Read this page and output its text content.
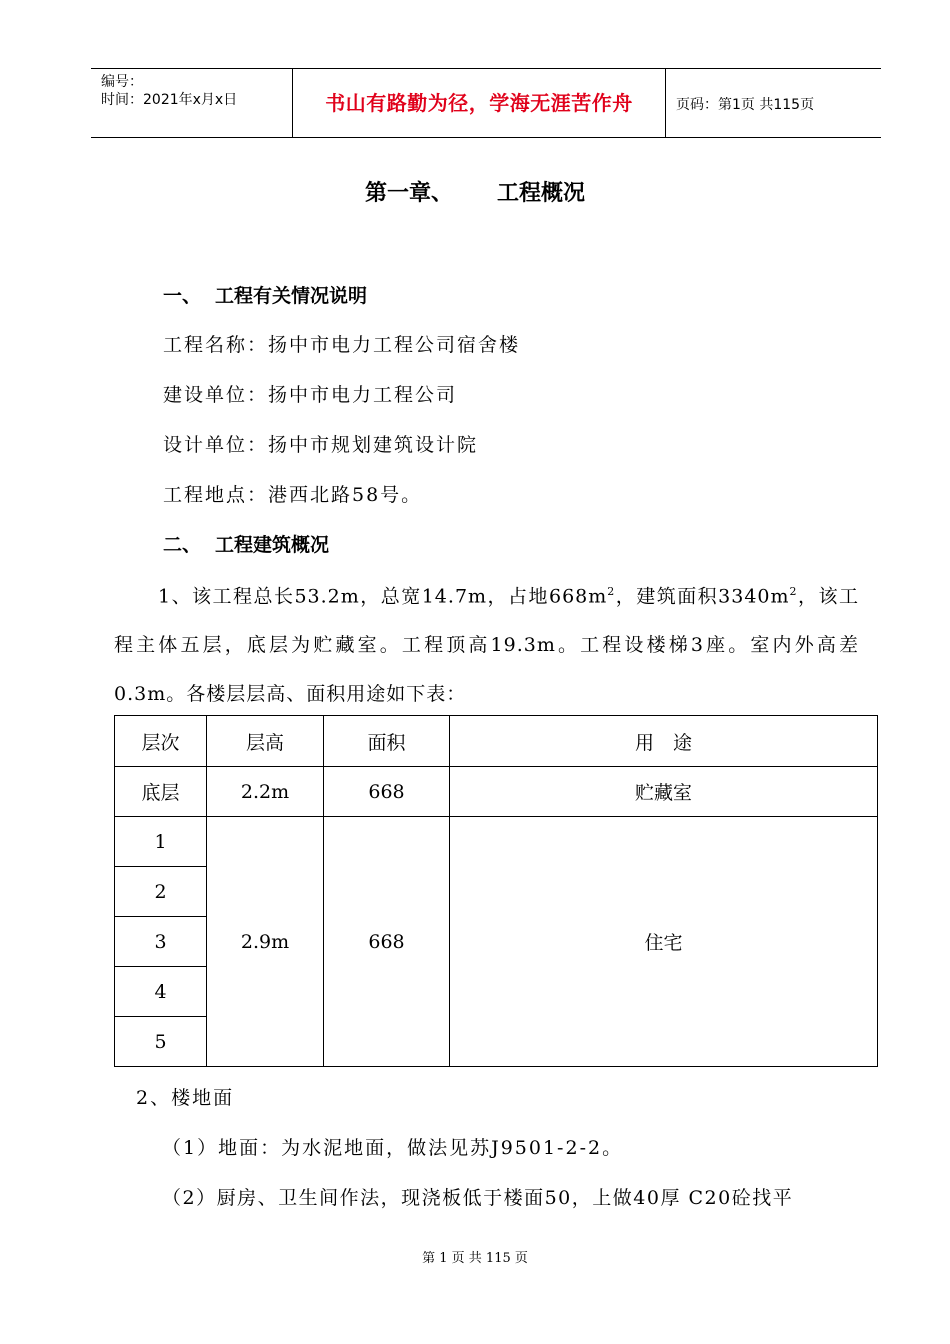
编号：
时间：2021年x月x日	书山有路勤为径，学海无涯苦作舟	页码：第1页 共115页
第一章、 工程概况
一、 工程有关情况说明
工程名称：扬中市电力工程公司宿舍楼
建设单位：扬中市电力工程公司
设计单位：扬中市规划建筑设计院
工程地点：港西北路58号。
二、 工程建筑概况
1、该工程总长53.2m，总宽14.7m，占地$668m^2$，建筑面积$3340m^2$，该工程主体五层，底层为贮藏室。工程顶高19.3m。工程设楼梯3座。室内外高差0.3m。各楼层层高、面积用途如下表：
层次	层高	面积	用　途
底层	2.2m	668	贮藏室
1	2.9m	668	住宅
2			
3			
4			
5			
2、楼地面
（1）地面：为水泥地面，做法见苏J9501-2-2。
（2）厨房、卫生间作法，现浇板低于楼面50，上做40厚 C20砼找平
第 1 页 共 115 页
